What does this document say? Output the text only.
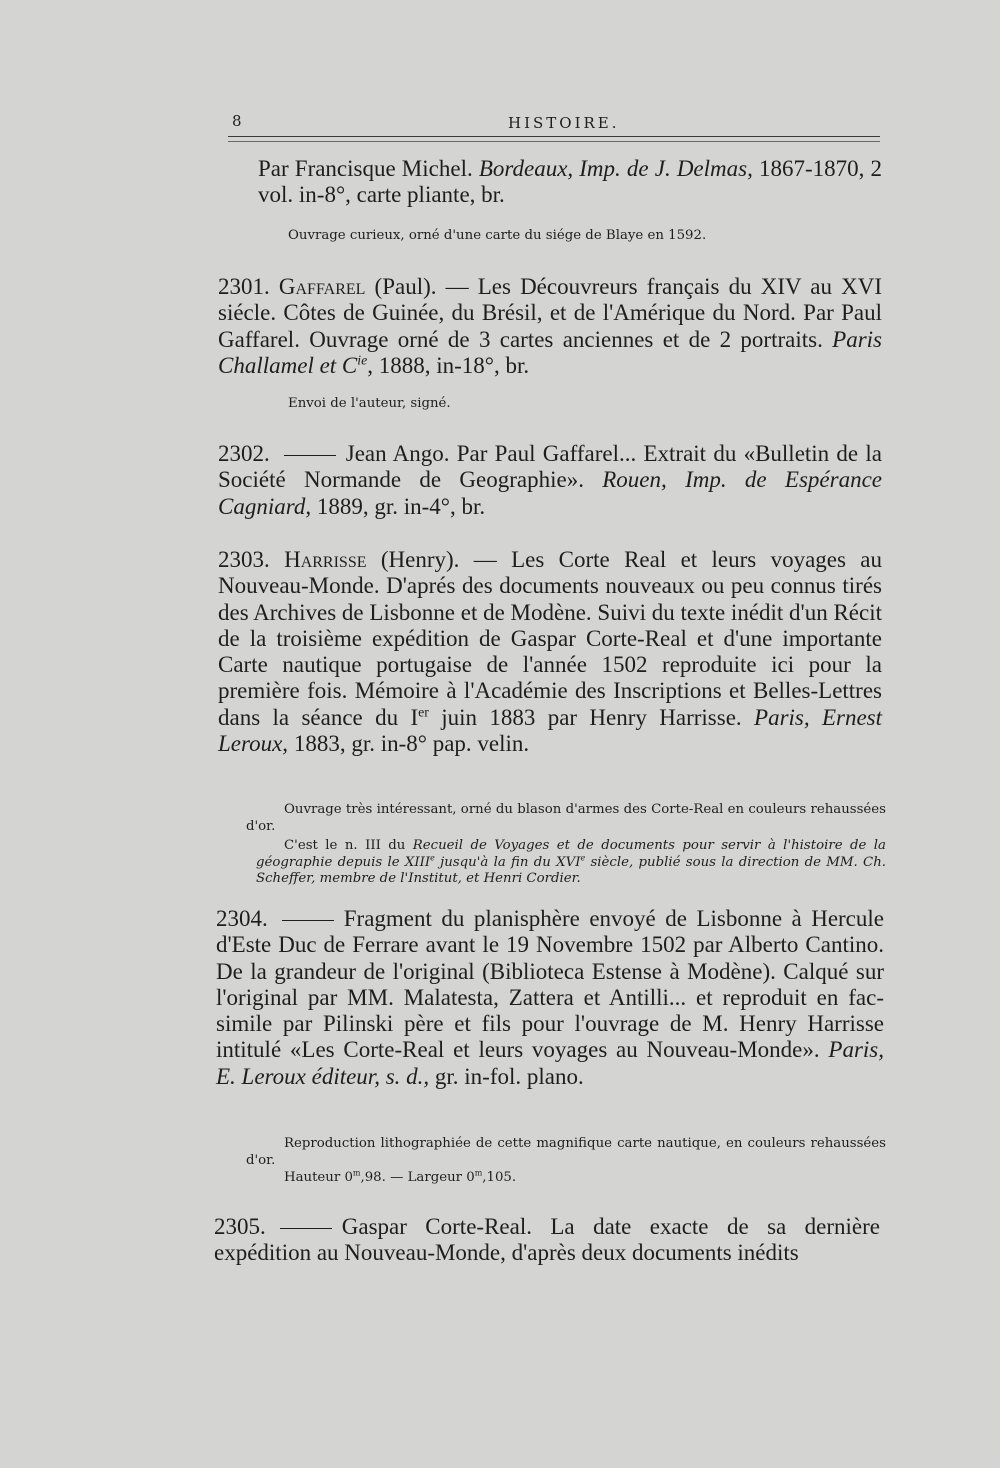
8	HISTOIRE.

Par Francisque Michel. Bordeaux, Imp. de J. Delmas, 1867-1870, 2 vol. in-8°, carte pliante, br.

Ouvrage curieux, orné d'une carte du siége de Blaye en 1592.

2301. Gaffarel (Paul). — Les Découvreurs français du XIV au XVI siécle. Côtes de Guinée, du Brésil, et de l'Amérique du Nord. Par Paul Gaffarel. Ouvrage orné de 3 cartes anciennes et de 2 portraits. Paris Challamel et $C^{ie}$, 1888, in-18°, br.

Envoi de l'auteur, signé.

2302.	Jean Ango. Par Paul Gaffarel... Extrait du «Bulletin de la Société Normande de Geographie». Rouen, Imp. de Espérance Cagniard, 1889, gr. in-4°, br.

2303. Harrisse (Henry). — Les Corte Real et leurs voyages au Nouveau-Monde. D'aprés des documents nouveaux ou peu connus tirés des Archives de Lisbonne et de Modène. Suivi du texte inédit d'un Récit de la troisième expédition de Gaspar Corte-Real et d'une importante Carte nautique portugaise de l'année 1502 reproduite ici pour la première fois. Mémoire à l'Académie des Inscriptions et Belles-Lettres dans la séance du Ier juin 1883 par Henry Harrisse. Paris, Ernest Leroux, 1883, gr. in-8° pap. velin.

Ouvrage très intéressant, orné du blason d'armes des Corte-Real en couleurs rehaussées d'or.

C'est le n. III du Recueil de Voyages et de documents pour servir à l'histoire de la géographie depuis le XIIIe jusqu'à la fin du XVIe siècle, publié sous la direction de MM. Ch. Scheffer, membre de l'Institut, et Henri Cordier.

2304.	Fragment du planisphère envoyé de Lisbonne à Hercule d'Este Duc de Ferrare avant le 19 Novembre 1502 par Alberto Cantino. De la grandeur de l'original (Biblioteca Estense à Modène). Calqué sur l'original par MM. Malatesta, Zattera et Antilli... et reproduit en fac-simile par Pilinski père et fils pour l'ouvrage de M. Henry Harrisse intitulé «Les Corte-Real et leurs voyages au Nouveau-Monde». Paris, E. Leroux éditeur, s. d., gr. in-fol. plano.

Reproduction lithographiée de cette magnifique carte nautique, en couleurs rehaussées d'or.

Hauteur 0$^m$,98. — Largeur 0$^m$,105.

2305.	Gaspar Corte-Real. La date exacte de sa dernière expédition au Nouveau-Monde, d'après deux documents inédits
